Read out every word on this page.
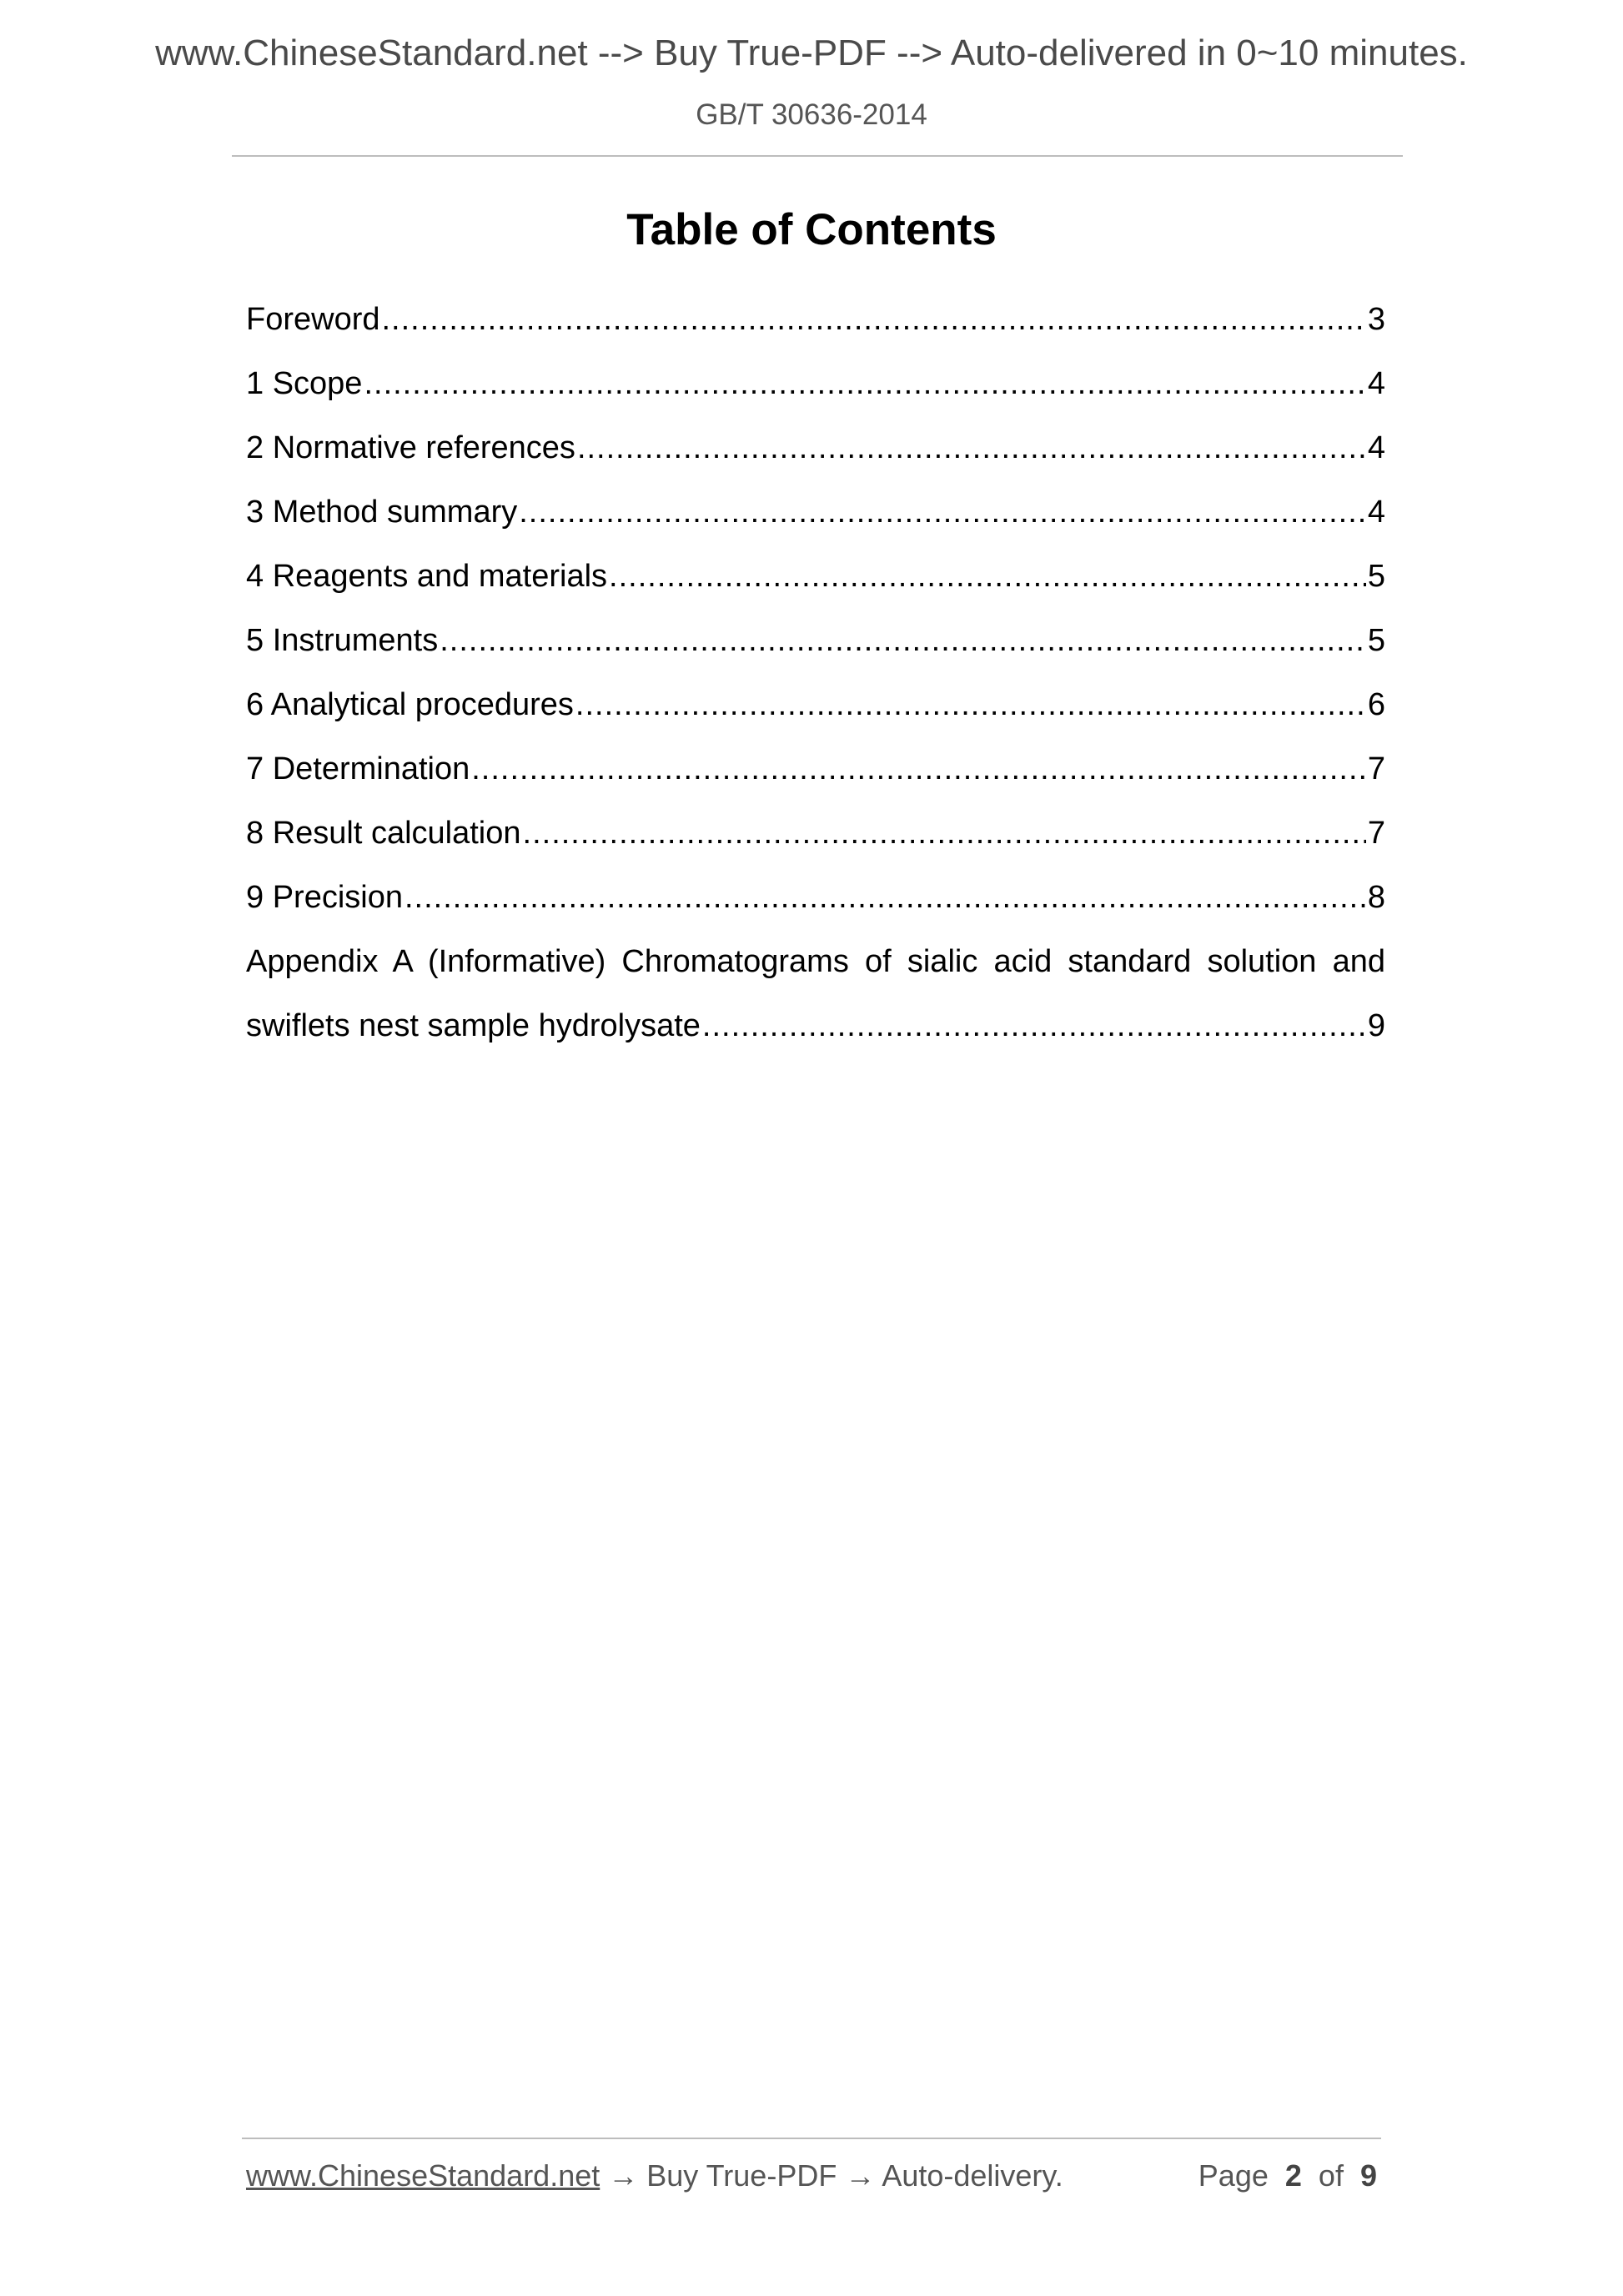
www.ChineseStandard.net --> Buy True-PDF --> Auto-delivered in 0~10 minutes.
GB/T 30636-2014
Table of Contents
Foreword .....	3
1 Scope .....	4
2 Normative references .....	4
3 Method summary .....	4
4 Reagents and materials .....	5
5 Instruments .....	5
6 Analytical procedures .....	6
7 Determination .....	7
8 Result calculation .....	7
9 Precision .....	8
Appendix A (Informative) Chromatograms of sialic acid standard solution and
swiflets nest sample hydrolysate .....	9
www.ChineseStandard.net → Buy True-PDF → Auto-delivery.	Page 2 of 9
